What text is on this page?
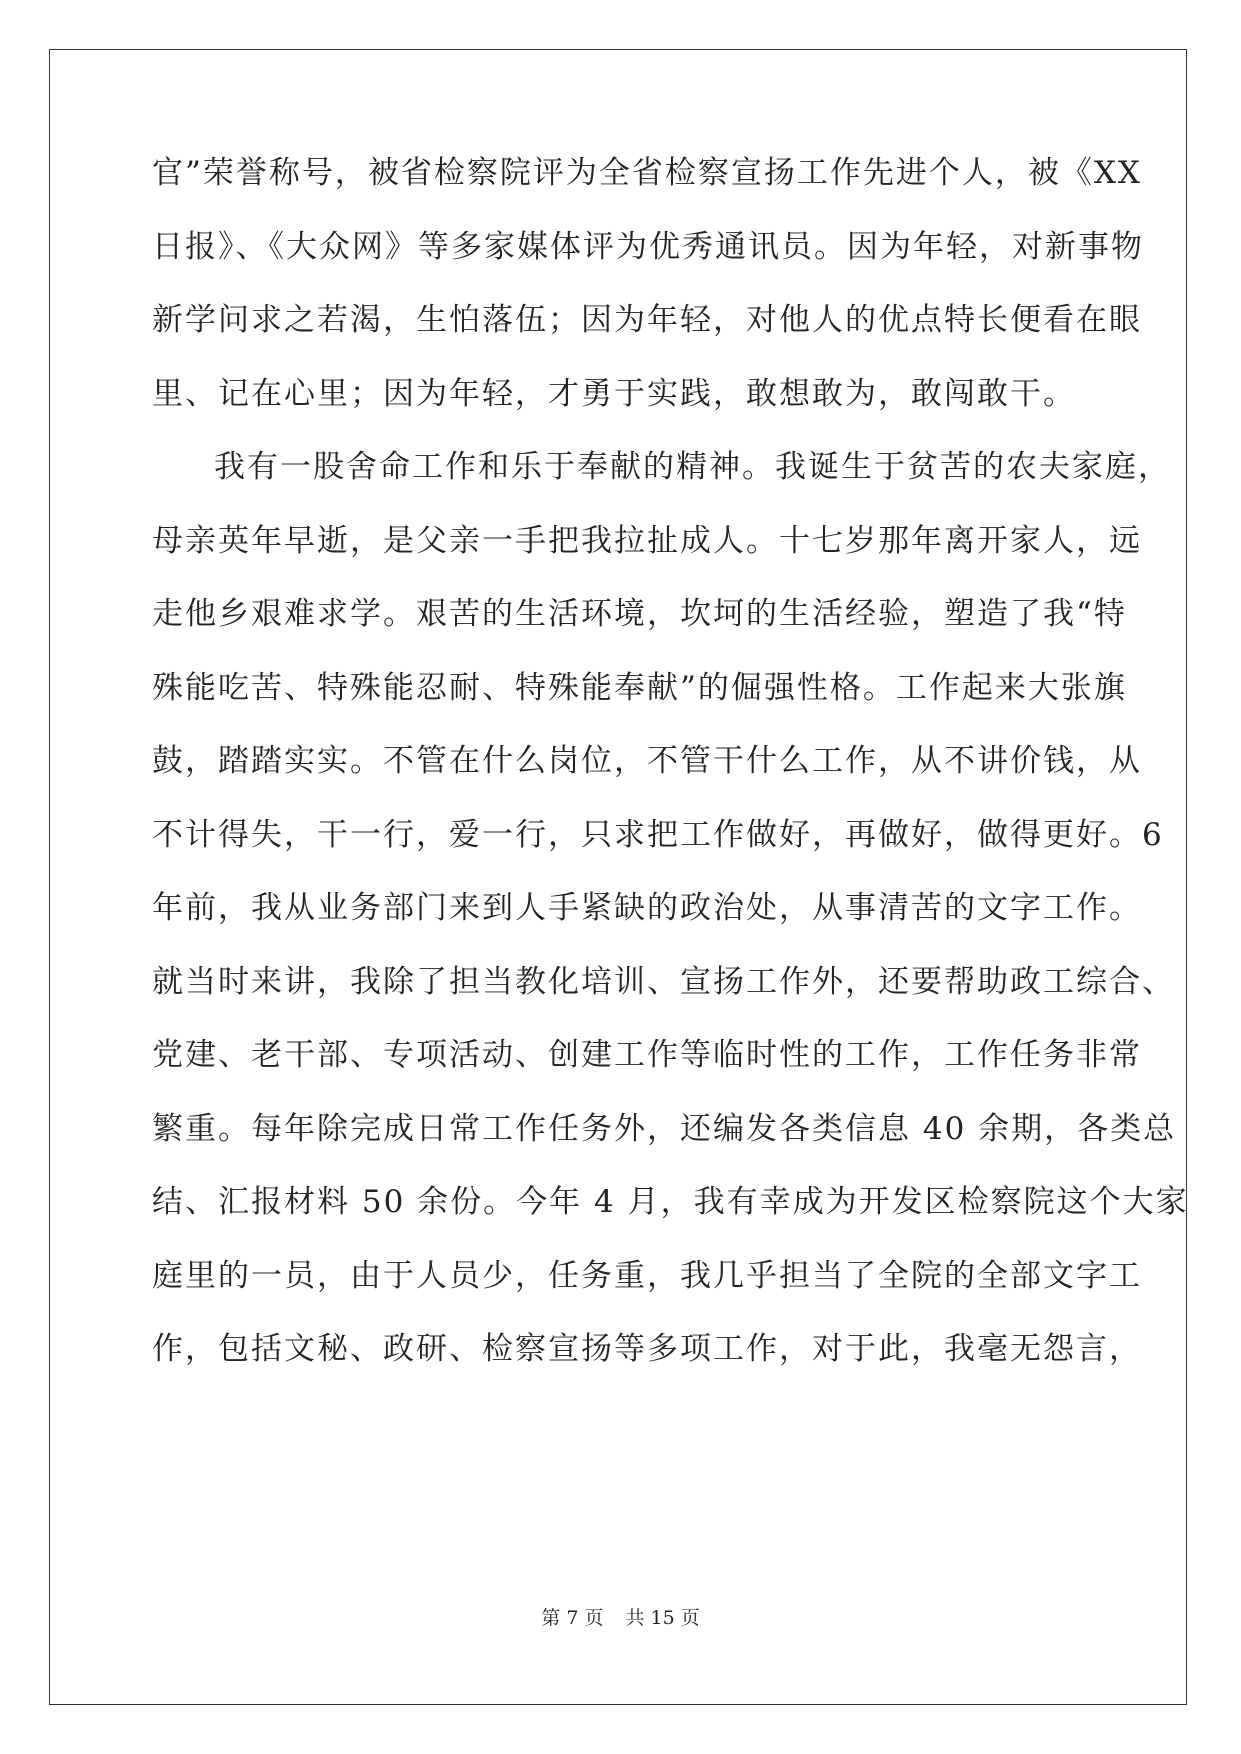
官”荣誉称号，被省检察院评为全省检察宣扬工作先进个人，被《XX
日报》、《大众网》等多家媒体评为优秀通讯员。因为年轻，对新事物
新学问求之若渴，生怕落伍；因为年轻，对他人的优点特长便看在眼
里、记在心里；因为年轻，才勇于实践，敢想敢为，敢闯敢干。
我有一股舍命工作和乐于奉献的精神。我诞生于贫苦的农夫家庭，
母亲英年早逝，是父亲一手把我拉扯成人。十七岁那年离开家人，远
走他乡艰难求学。艰苦的生活环境，坎坷的生活经验，塑造了我“特
殊能吃苦、特殊能忍耐、特殊能奉献”的倔强性格。工作起来大张旗
鼓，踏踏实实。不管在什么岗位，不管干什么工作，从不讲价钱，从
不计得失，干一行，爱一行，只求把工作做好，再做好，做得更好。6
年前，我从业务部门来到人手紧缺的政治处，从事清苦的文字工作。
就当时来讲，我除了担当教化培训、宣扬工作外，还要帮助政工综合、
党建、老干部、专项活动、创建工作等临时性的工作，工作任务非常
繁重。每年除完成日常工作任务外，还编发各类信息 40 余期，各类总
结、汇报材料 50 余份。今年 4 月，我有幸成为开发区检察院这个大家
庭里的一员，由于人员少，任务重，我几乎担当了全院的全部文字工
作，包括文秘、政研、检察宣扬等多项工作，对于此，我毫无怨言，
第 7 页 共 15 页
